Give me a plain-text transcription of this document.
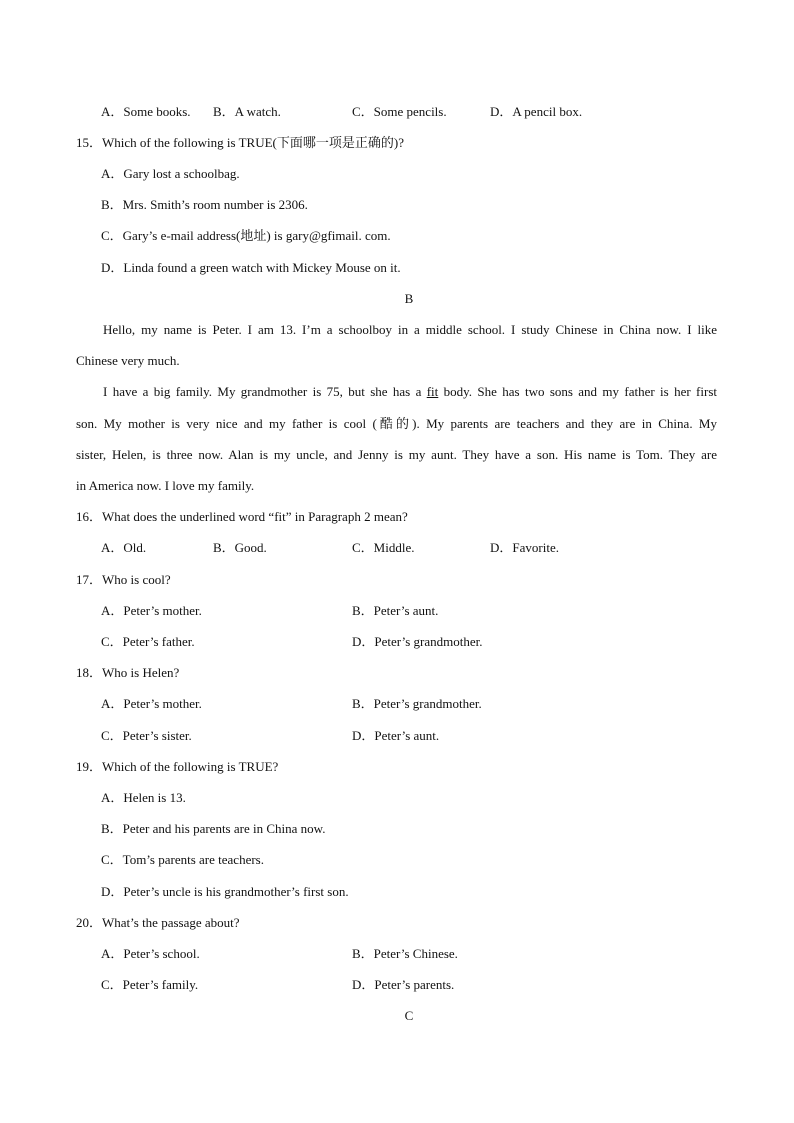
A．Some books. B．A watch.	C．Some pencils.	D．A pencil box.
15．Which of the following is TRUE(下面哪一项是正确的)?
A．Gary lost a schoolbag.
B．Mrs. Smith’s room number is 2306.
C．Gary’s e-mail address(地址) is gary@gfimail. com.
D．Linda found a green watch with Mickey Mouse on it.
B
Hello, my name is Peter. I am 13. I’m a schoolboy in a middle school. I study Chinese in China now. I like
Chinese very much.
I have a big family. My grandmother is 75, but she has a fit body. She has two sons and my father is her first
son. My mother is very nice and my father is cool (酷的). My parents are teachers and they are in China. My
sister, Helen, is three now. Alan is my uncle, and Jenny is my aunt. They have a son. His name is Tom. They are
in America now. I love my family.
16．What does the underlined word “fit” in Paragraph 2 mean?
A．Old.	B．Good.	C．Middle.	D．Favorite.
17．Who is cool?
A．Peter’s mother.	B．Peter’s aunt.
C．Peter’s father.	D．Peter’s grandmother.
18．Who is Helen?
A．Peter’s mother.	B．Peter’s grandmother.
C．Peter’s sister.	D．Peter’s aunt.
19．Which of the following is TRUE?
A．Helen is 13.
B．Peter and his parents are in China now.
C．Tom’s parents are teachers.
D．Peter’s uncle is his grandmother’s first son.
20．What’s the passage about?
A．Peter’s school.	B．Peter’s Chinese.
C．Peter’s family.	D．Peter’s parents.
C
